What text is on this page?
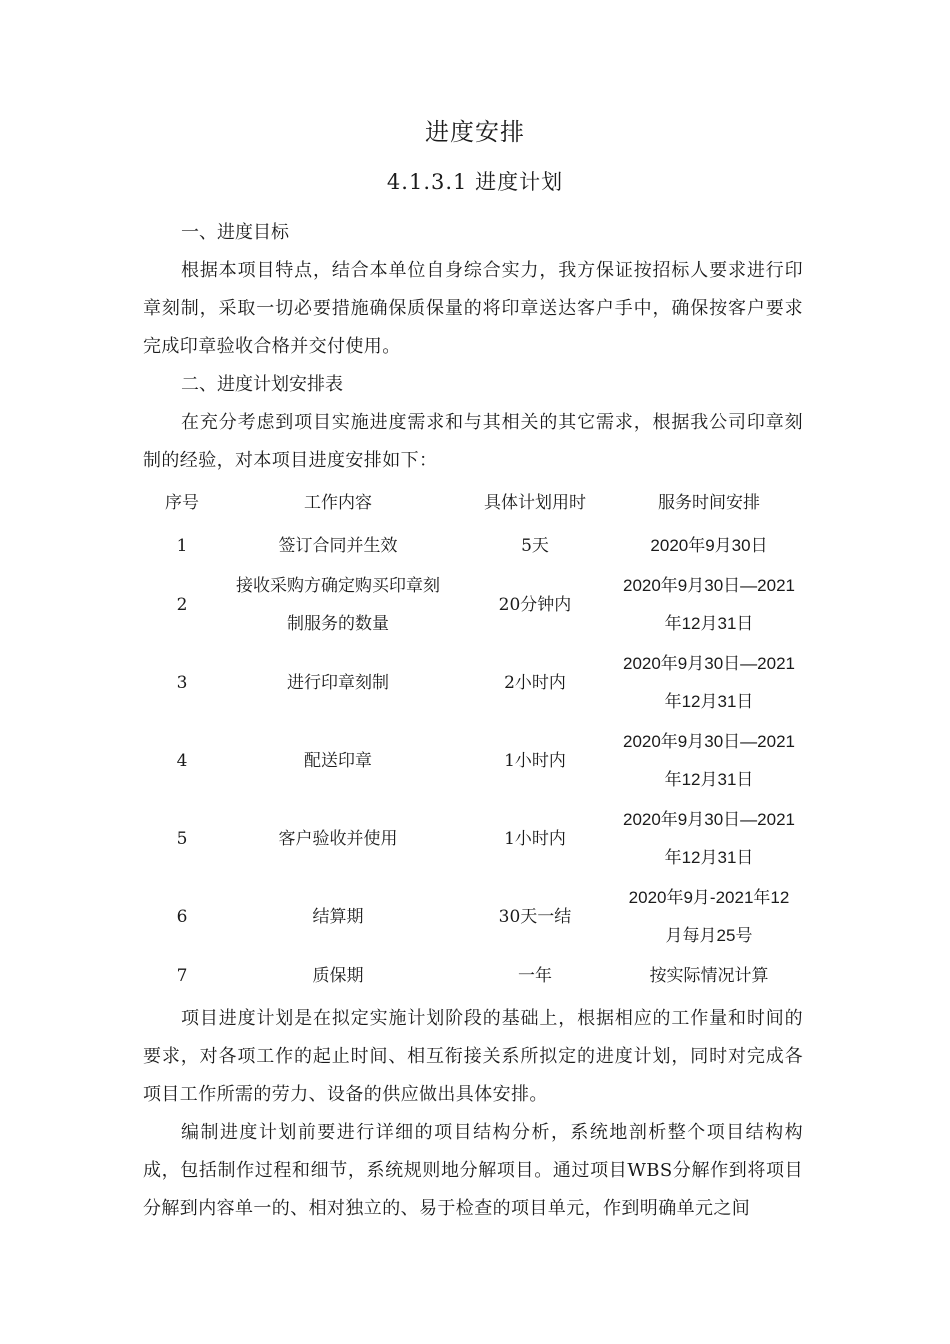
进度安排
4.1.3.1 进度计划

一、进度目标

根据本项目特点，结合本单位自身综合实力，我方保证按招标人要求进行印章刻制，采取一切必要措施确保质保量的将印章送达客户手中，确保按客户要求完成印章验收合格并交付使用。

二、进度计划安排表

在充分考虑到项目实施进度需求和与其相关的其它需求，根据我公司印章刻制的经验，对本项目进度安排如下：

序号	工作内容	具体计划用时	服务时间安排
1	签订合同并生效	5天	2020年9月30日
2	接收采购方确定购买印章刻制服务的数量	20分钟内	2020年9月30日—2021年12月31日
3	进行印章刻制	2小时内	2020年9月30日—2021年12月31日
4	配送印章	1小时内	2020年9月30日—2021年12月31日
5	客户验收并使用	1小时内	2020年9月30日—2021年12月31日
6	结算期	30天一结	2020年9月-2021年12月每月25号
7	质保期	一年	按实际情况计算

项目进度计划是在拟定实施计划阶段的基础上，根据相应的工作量和时间的要求，对各项工作的起止时间、相互衔接关系所拟定的进度计划，同时对完成各项目工作所需的劳力、设备的供应做出具体安排。

编制进度计划前要进行详细的项目结构分析，系统地剖析整个项目结构构成，包括制作过程和细节，系统规则地分解项目。通过项目WBS分解作到将项目分解到内容单一的、相对独立的、易于检查的项目单元，作到明确单元之间
